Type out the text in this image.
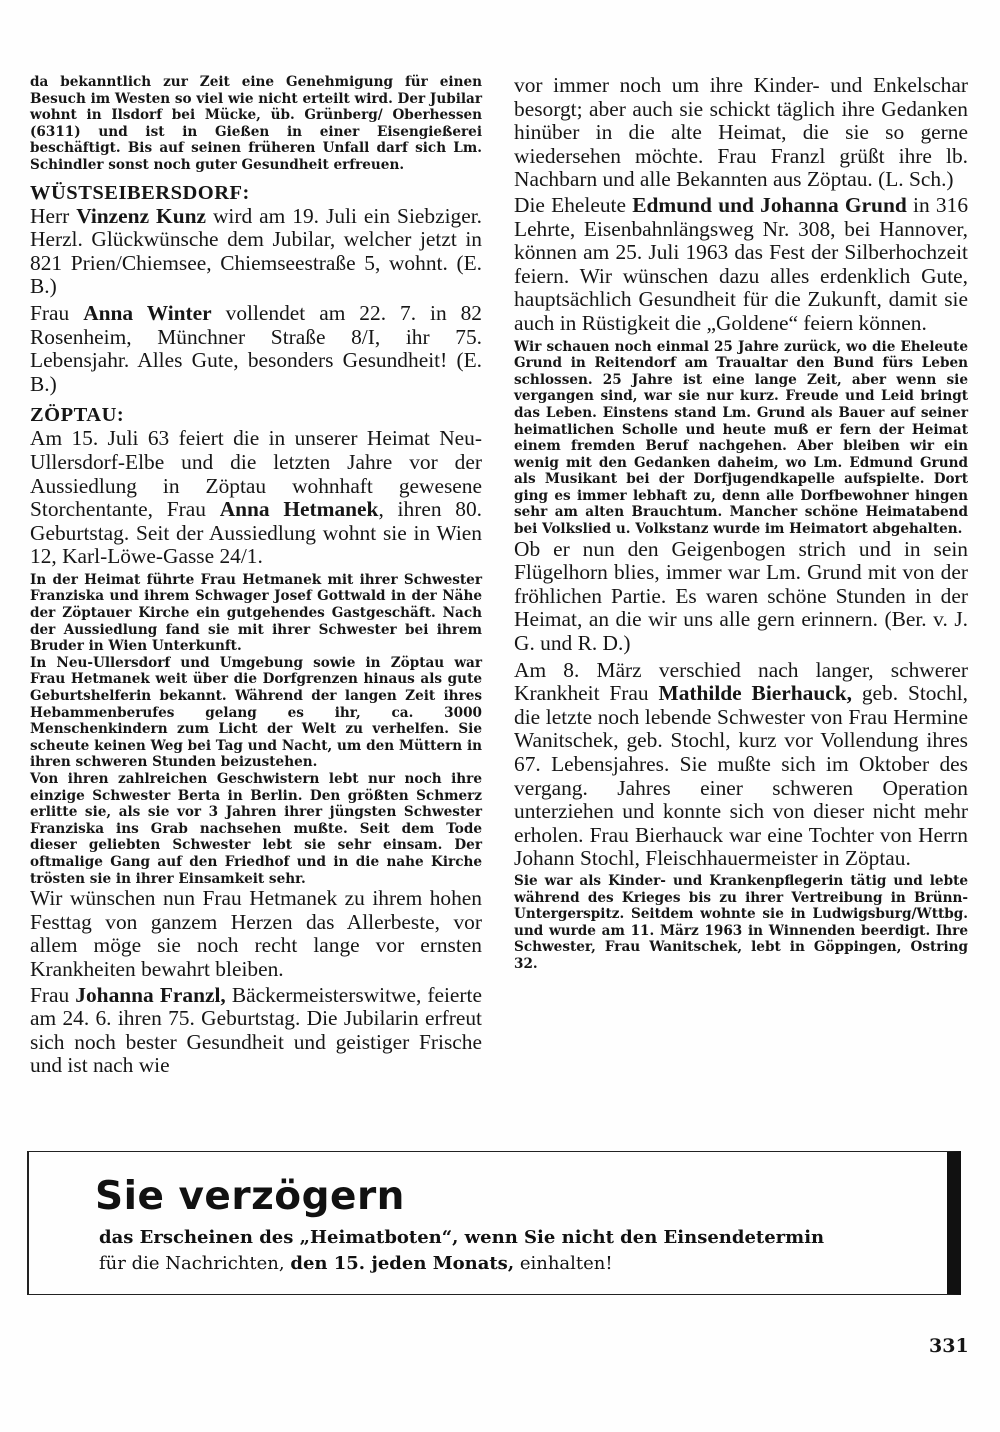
da bekanntlich zur Zeit eine Genehmigung für einen Besuch im Westen so viel wie nicht erteilt wird. Der Jubilar wohnt in Ilsdorf bei Mücke, üb. Grünberg/ Oberhessen (6311) und ist in Gießen in einer Eisengießerei beschäftigt. Bis auf seinen früheren Unfall darf sich Lm. Schindler sonst noch guter Gesundheit erfreuen.

WÜSTSEIBERSDORF:

Herr Vinzenz Kunz wird am 19. Juli ein Siebziger. Herzl. Glückwünsche dem Jubilar, welcher jetzt in 821 Prien/Chiemsee, Chiemseestraße 5, wohnt. (E. B.)

Frau Anna Winter vollendet am 22. 7. in 82 Rosenheim, Münchner Straße 8/I, ihr 75. Lebensjahr. Alles Gute, besonders Gesundheit! (E. B.)

ZÖPTAU:

Am 15. Juli 63 feiert die in unserer Heimat Neu-Ullersdorf-Elbe und die letzten Jahre vor der Aussiedlung in Zöptau wohnhaft gewesene Storchentante, Frau Anna Hetmanek, ihren 80. Geburtstag. Seit der Aussiedlung wohnt sie in Wien 12, Karl-Löwe-Gasse 24/1.

In der Heimat führte Frau Hetmanek mit ihrer Schwester Franziska und ihrem Schwager Josef Gottwald in der Nähe der Zöptauer Kirche ein gutgehendes Gastgeschäft. Nach der Aussiedlung fand sie mit ihrer Schwester bei ihrem Bruder in Wien Unterkunft.

In Neu-Ullersdorf und Umgebung sowie in Zöptau war Frau Hetmanek weit über die Dorfgrenzen hinaus als gute Geburtshelferin bekannt. Während der langen Zeit ihres Hebammenberufes gelang es ihr, ca. 3000 Menschenkindern zum Licht der Welt zu verhelfen. Sie scheute keinen Weg bei Tag und Nacht, um den Müttern in ihren schweren Stunden beizustehen.

Von ihren zahlreichen Geschwistern lebt nur noch ihre einzige Schwester Berta in Berlin. Den größten Schmerz erlitte sie, als sie vor 3 Jahren ihrer jüngsten Schwester Franziska ins Grab nachsehen mußte. Seit dem Tode dieser geliebten Schwester lebt sie sehr einsam. Der oftmalige Gang auf den Friedhof und in die nahe Kirche trösten sie in ihrer Einsamkeit sehr.

Wir wünschen nun Frau Hetmanek zu ihrem hohen Festtag von ganzem Herzen das Allerbeste, vor allem möge sie noch recht lange vor ernsten Krankheiten bewahrt bleiben.

Frau Johanna Franzl, Bäckermeisterswitwe, feierte am 24. 6. ihren 75. Geburtstag. Die Jubilarin erfreut sich noch bester Gesundheit und geistiger Frische und ist nach wie

vor immer noch um ihre Kinder- und Enkelschar besorgt; aber auch sie schickt täglich ihre Gedanken hinüber in die alte Heimat, die sie so gerne wiedersehen möchte. Frau Franzl grüßt ihre lb. Nachbarn und alle Bekannten aus Zöptau. (L. Sch.)

Die Eheleute Edmund und Johanna Grund in 316 Lehrte, Eisenbahnlängsweg Nr. 308, bei Hannover, können am 25. Juli 1963 das Fest der Silberhochzeit feiern. Wir wünschen dazu alles erdenklich Gute, hauptsächlich Gesundheit für die Zukunft, damit sie auch in Rüstigkeit die „Goldene“ feiern können.

Wir schauen noch einmal 25 Jahre zurück, wo die Eheleute Grund in Reitendorf am Traualtar den Bund fürs Leben schlossen. 25 Jahre ist eine lange Zeit, aber wenn sie vergangen sind, war sie nur kurz. Freude und Leid bringt das Leben. Einstens stand Lm. Grund als Bauer auf seiner heimatlichen Scholle und heute muß er fern der Heimat einem fremden Beruf nachgehen. Aber bleiben wir ein wenig mit den Gedanken daheim, wo Lm. Edmund Grund als Musikant bei der Dorfjugendkapelle aufspielte. Dort ging es immer lebhaft zu, denn alle Dorfbewohner hingen sehr am alten Brauchtum. Mancher schöne Heimatabend bei Volkslied u. Volkstanz wurde im Heimatort abgehalten.

Ob er nun den Geigenbogen strich und in sein Flügelhorn blies, immer war Lm. Grund mit von der fröhlichen Partie. Es waren schöne Stunden in der Heimat, an die wir uns alle gern erinnern. (Ber. v. J. G. und R. D.)

Am 8. März verschied nach langer, schwerer Krankheit Frau Mathilde Bierhauck, geb. Stochl, die letzte noch lebende Schwester von Frau Hermine Wanitschek, geb. Stochl, kurz vor Vollendung ihres 67. Lebensjahres. Sie mußte sich im Oktober des vergang. Jahres einer schweren Operation unterziehen und konnte sich von dieser nicht mehr erholen. Frau Bierhauck war eine Tochter von Herrn Johann Stochl, Fleischhauermeister in Zöptau.

Sie war als Kinder- und Krankenpflegerin tätig und lebte während des Krieges bis zu ihrer Vertreibung in Brünn-Untergerspitz. Seitdem wohnte sie in Ludwigsburg/Wttbg. und wurde am 11. März 1963 in Winnenden beerdigt. Ihre Schwester, Frau Wanitschek, lebt in Göppingen, Ostring 32.

Sie verzögern
das Erscheinen des „Heimatboten“, wenn Sie nicht den Einsendetermin
für die Nachrichten, den 15. jeden Monats, einhalten!
331
